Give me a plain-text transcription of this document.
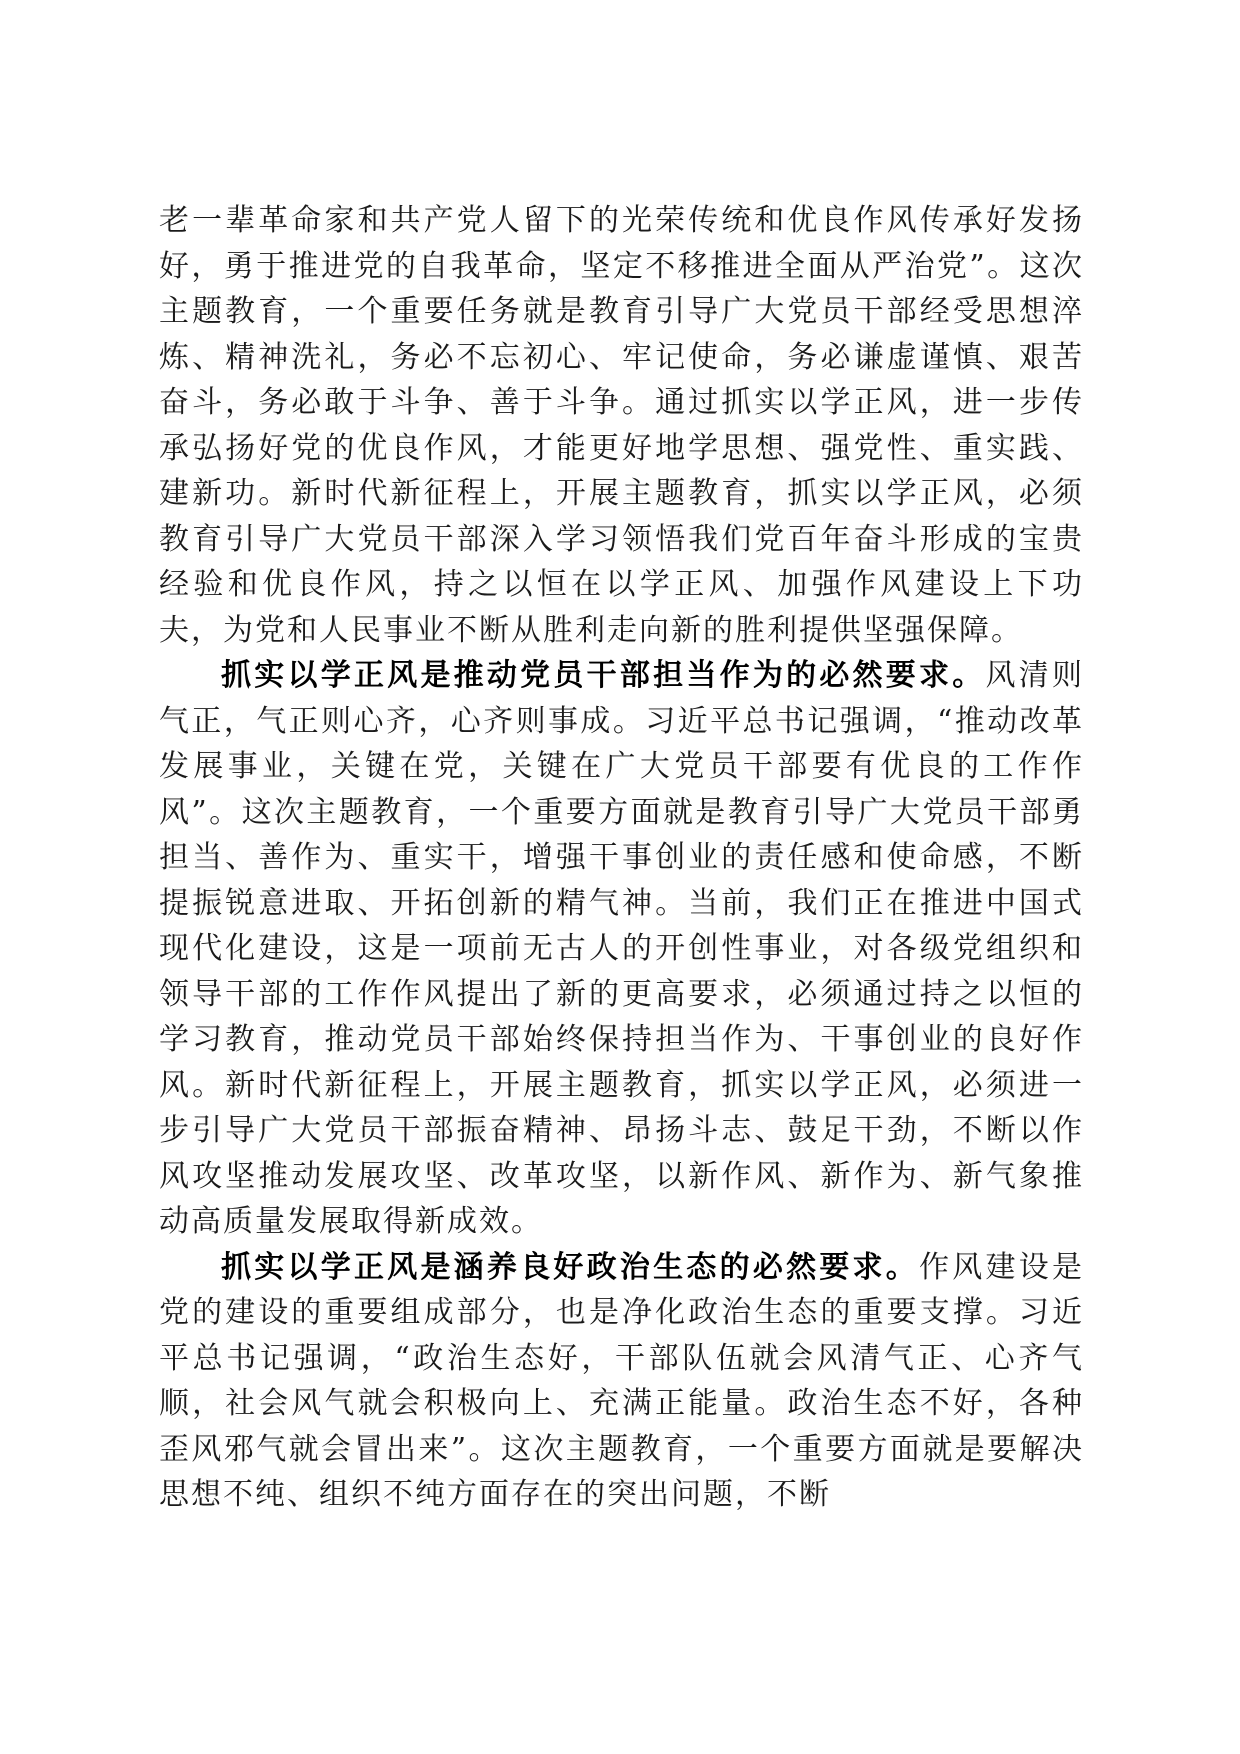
老一辈革命家和共产党人留下的光荣传统和优良作风传承好发扬好，勇于推进党的自我革命，坚定不移推进全面从严治党”。这次主题教育，一个重要任务就是教育引导广大党员干部经受思想淬炼、精神洗礼，务必不忘初心、牢记使命，务必谦虚谨慎、艰苦奋斗，务必敢于斗争、善于斗争。通过抓实以学正风，进一步传承弘扬好党的优良作风，才能更好地学思想、强党性、重实践、建新功。新时代新征程上，开展主题教育，抓实以学正风，必须教育引导广大党员干部深入学习领悟我们党百年奋斗形成的宝贵经验和优良作风，持之以恒在以学正风、加强作风建设上下功夫，为党和人民事业不断从胜利走向新的胜利提供坚强保障。

抓实以学正风是推动党员干部担当作为的必然要求。风清则气正，气正则心齐，心齐则事成。习近平总书记强调，“推动改革发展事业，关键在党，关键在广大党员干部要有优良的工作作风”。这次主题教育，一个重要方面就是教育引导广大党员干部勇担当、善作为、重实干，增强干事创业的责任感和使命感，不断提振锐意进取、开拓创新的精气神。当前，我们正在推进中国式现代化建设，这是一项前无古人的开创性事业，对各级党组织和领导干部的工作作风提出了新的更高要求，必须通过持之以恒的学习教育，推动党员干部始终保持担当作为、干事创业的良好作风。新时代新征程上，开展主题教育，抓实以学正风，必须进一步引导广大党员干部振奋精神、昂扬斗志、鼓足干劲，不断以作风攻坚推动发展攻坚、改革攻坚，以新作风、新作为、新气象推动高质量发展取得新成效。

抓实以学正风是涵养良好政治生态的必然要求。作风建设是党的建设的重要组成部分，也是净化政治生态的重要支撑。习近平总书记强调，“政治生态好，干部队伍就会风清气正、心齐气顺，社会风气就会积极向上、充满正能量。政治生态不好，各种歪风邪气就会冒出来”。这次主题教育，一个重要方面就是要解决思想不纯、组织不纯方面存在的突出问题，不断
